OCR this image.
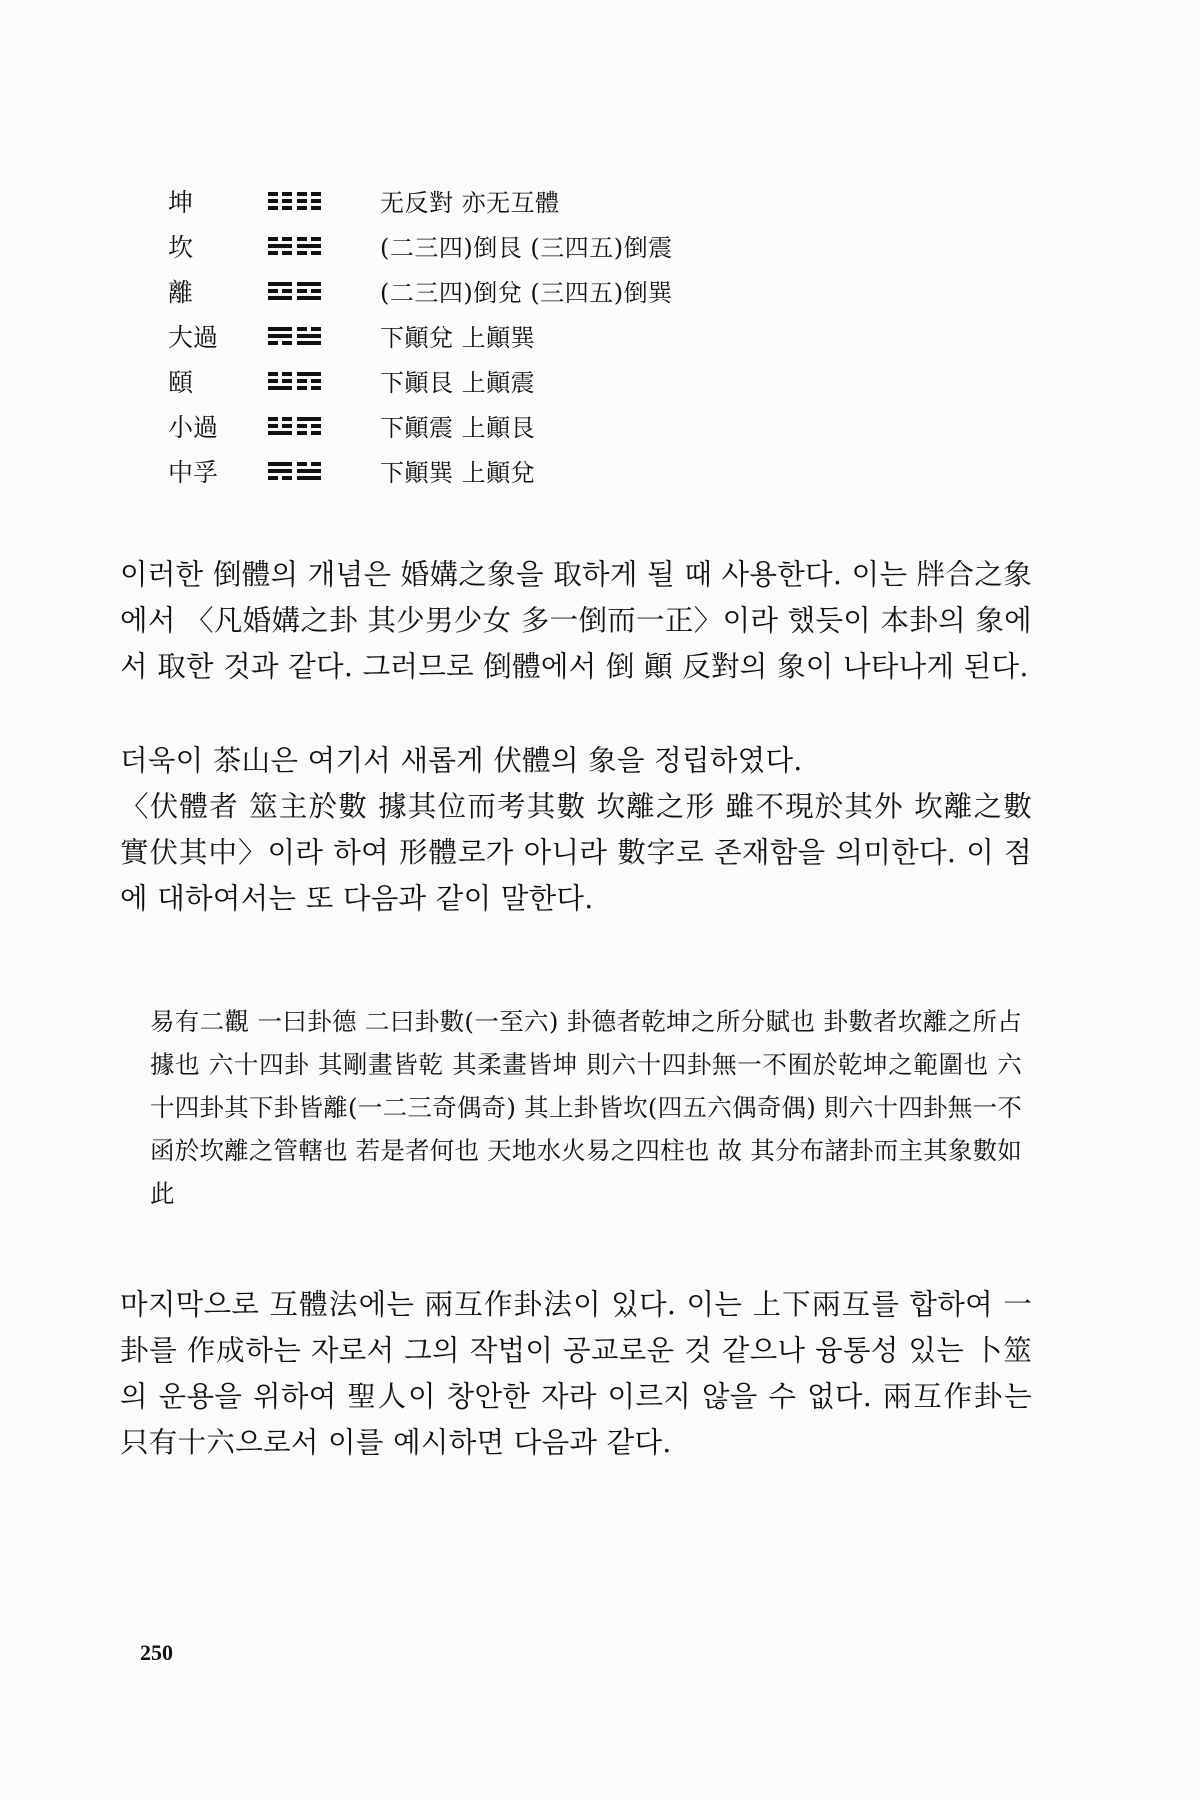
坤	无反對 亦无互體
坎	(二三四)倒艮 (三四五)倒震
離	(二三四)倒兌 (三四五)倒巽
大過	下顚兌 上顚巽
頤	下顚艮 上顚震
小過	下顚震 上顚艮
中孚	下顚巽 上顚兌

이러한 倒體의 개념은 婚媾之象을 取하게 될 때 사용한다. 이는 牉合之象에서 〈凡婚媾之卦 其少男少女 多一倒而一正〉이라 했듯이 本卦의 象에서 取한 것과 같다. 그러므로 倒體에서 倒 顚 反對의 象이 나타나게 된다.

더욱이 茶山은 여기서 새롭게 伏體의 象을 정립하였다.

〈伏體者 筮主於數 據其位而考其數 坎離之形 雖不現於其外 坎離之數 實伏其中〉이라 하여 形體로가 아니라 數字로 존재함을 의미한다. 이 점에 대하여서는 또 다음과 같이 말한다.

易有二觀 一曰卦德 二曰卦數(一至六) 卦德者乾坤之所分賦也 卦數者坎離之所占據也 六十四卦 其剛畫皆乾 其柔畫皆坤 則六十四卦無一不囿於乾坤之範圍也 六十四卦其下卦皆離(一二三奇偶奇) 其上卦皆坎(四五六偶奇偶) 則六十四卦無一不函於坎離之管轄也 若是者何也 天地水火易之四柱也 故 其分布諸卦而主其象數如此

마지막으로 互體法에는 兩互作卦法이 있다. 이는 上下兩互를 합하여 一卦를 作成하는 자로서 그의 작법이 공교로운 것 같으나 융통성 있는 卜筮의 운용을 위하여 聖人이 창안한 자라 이르지 않을 수 없다. 兩互作卦는 只有十六으로서 이를 예시하면 다음과 같다.

250
